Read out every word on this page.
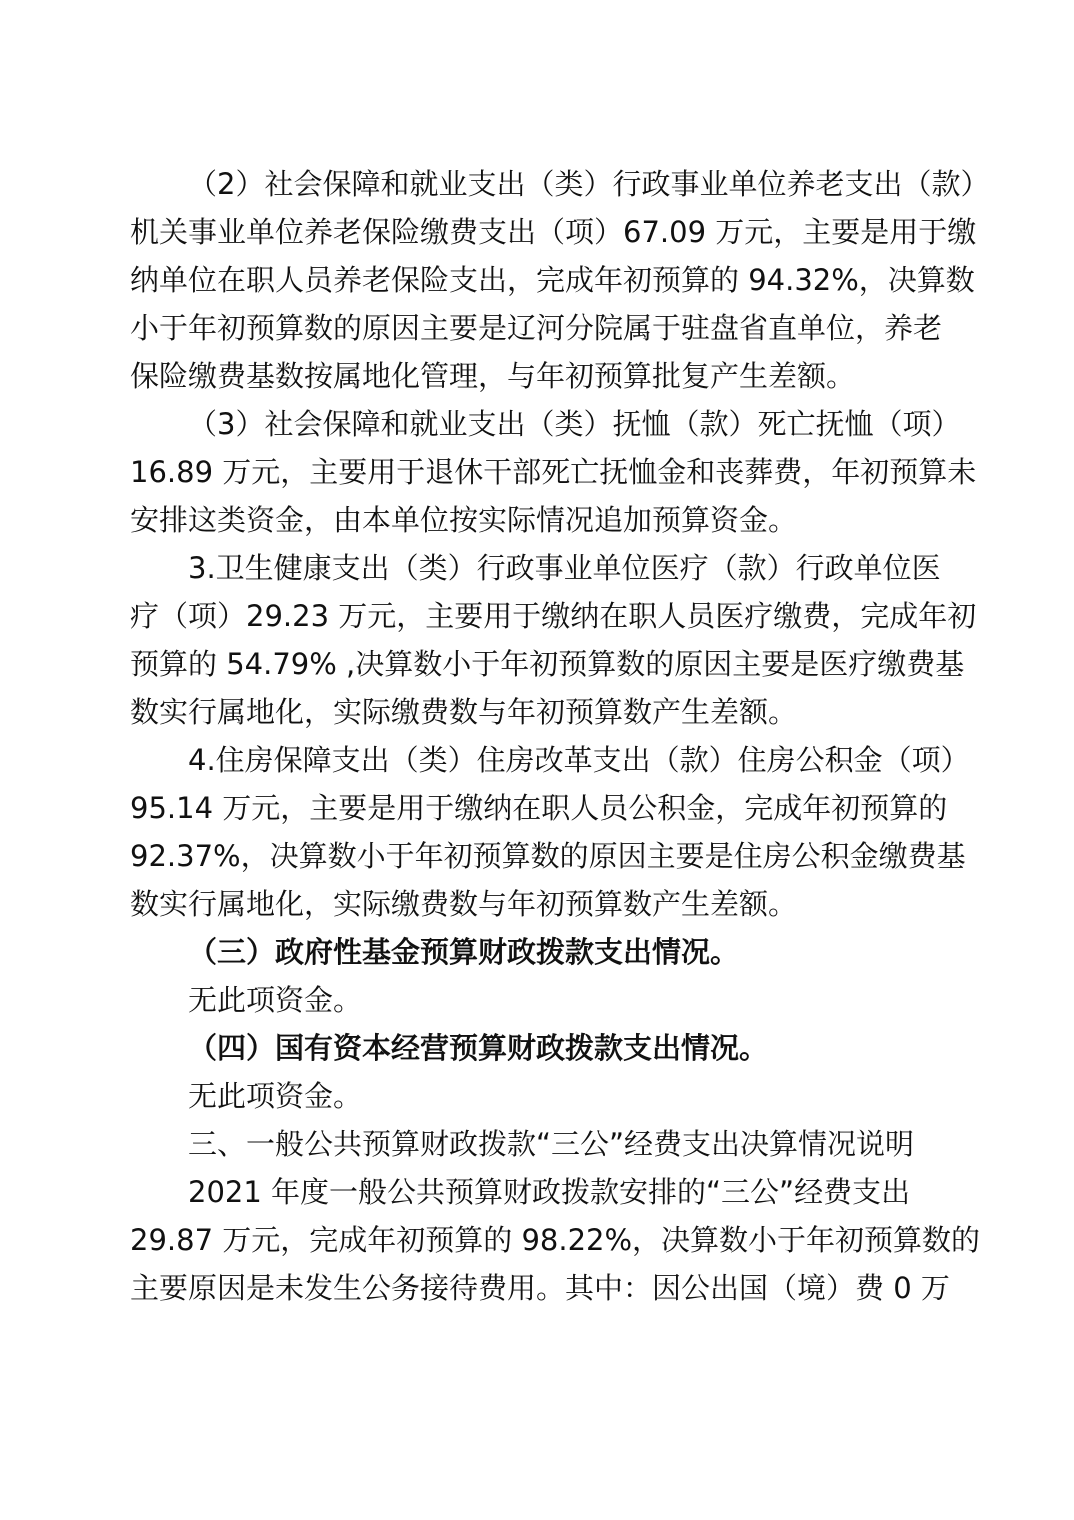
（2）社会保障和就业支出（类）行政事业单位养老支出（款）
机关事业单位养老保险缴费支出（项）67.09 万元，主要是用于缴
纳单位在职人员养老保险支出，完成年初预算的 94.32%，决算数
小于年初预算数的原因主要是辽河分院属于驻盘省直单位，养老
保险缴费基数按属地化管理，与年初预算批复产生差额。

（3）社会保障和就业支出（类）抚恤（款）死亡抚恤（项）
16.89 万元，主要用于退休干部死亡抚恤金和丧葬费，年初预算未
安排这类资金，由本单位按实际情况追加预算资金。

3.卫生健康支出（类）行政事业单位医疗（款）行政单位医
疗（项）29.23 万元，主要用于缴纳在职人员医疗缴费，完成年初
预算的 54.79% ,决算数小于年初预算数的原因主要是医疗缴费基
数实行属地化，实际缴费数与年初预算数产生差额。

4.住房保障支出（类）住房改革支出（款）住房公积金（项）
95.14 万元，主要是用于缴纳在职人员公积金，完成年初预算的
92.37%，决算数小于年初预算数的原因主要是住房公积金缴费基
数实行属地化，实际缴费数与年初预算数产生差额。

（三）政府性基金预算财政拨款支出情况。

无此项资金。

（四）国有资本经营预算财政拨款支出情况。

无此项资金。

三、一般公共预算财政拨款“三公”经费支出决算情况说明

2021 年度一般公共预算财政拨款安排的“三公”经费支出
29.87 万元，完成年初预算的 98.22%，决算数小于年初预算数的
主要原因是未发生公务接待费用。其中：因公出国（境）费 0 万
